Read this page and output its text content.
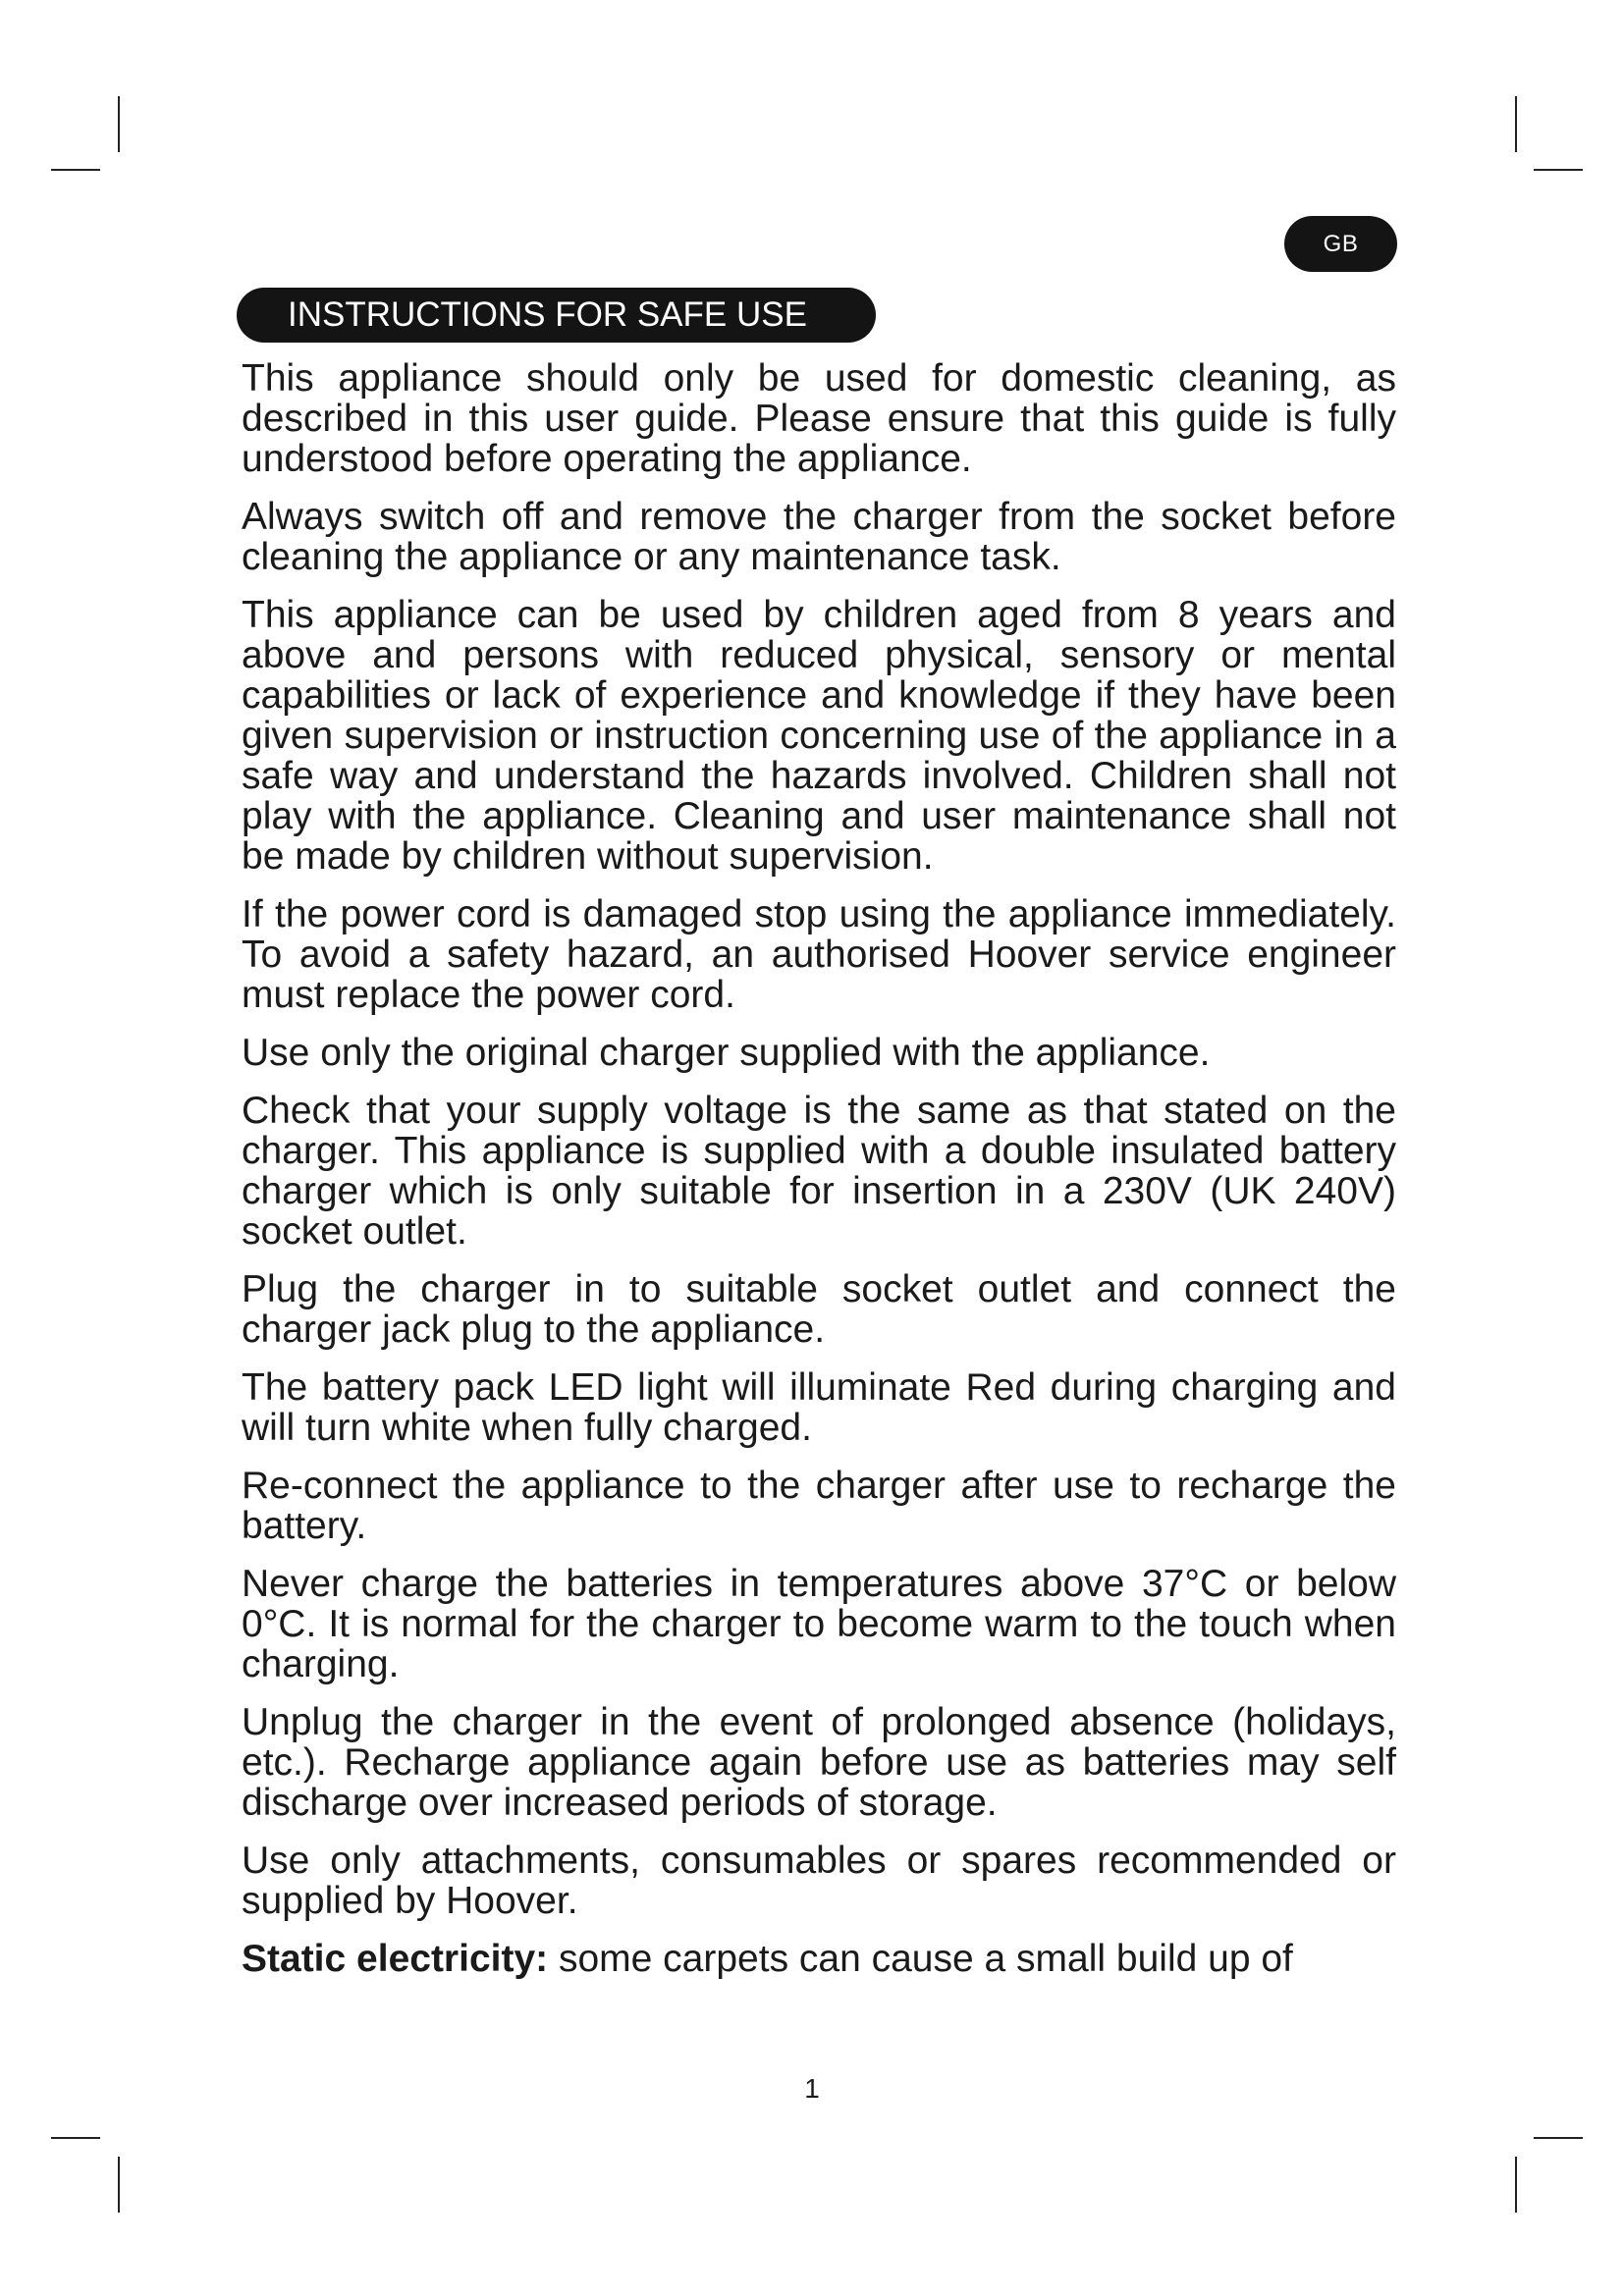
GB
INSTRUCTIONS FOR SAFE USE

This appliance should only be used for domestic cleaning, as described in this user guide. Please ensure that this guide is fully understood before operating the appliance.

Always switch off and remove the charger from the socket before cleaning the appliance or any maintenance task.

This appliance can be used by children aged from 8 years and above and persons with reduced physical, sensory or mental capabilities or lack of experience and knowledge if they have been given supervision or instruction concerning use of the appliance in a safe way and understand the hazards involved. Children shall not play with the appliance. Cleaning and user maintenance shall not be made by children without supervision.

If the power cord is damaged stop using the appliance immediately. To avoid a safety hazard, an authorised Hoover service engineer must replace the power cord.

Use only the original charger supplied with the appliance.

Check that your supply voltage is the same as that stated on the charger. This appliance is supplied with a double insulated battery charger which is only suitable for insertion in a 230V (UK 240V) socket outlet.

Plug the charger in to suitable socket outlet and connect the charger jack plug to the appliance.

The battery pack LED light will illuminate Red during charging and will turn white when fully charged.

Re-connect the appliance to the charger after use to recharge the battery.

Never charge the batteries in temperatures above 37°C or below 0°C. It is normal for the charger to become warm to the touch when charging.

Unplug the charger in the event of prolonged absence (holidays, etc.). Recharge appliance again before use as batteries may self discharge over increased periods of storage.

Use only attachments, consumables or spares recommended or supplied by Hoover.

Static electricity: some carpets can cause a small build up of

1
